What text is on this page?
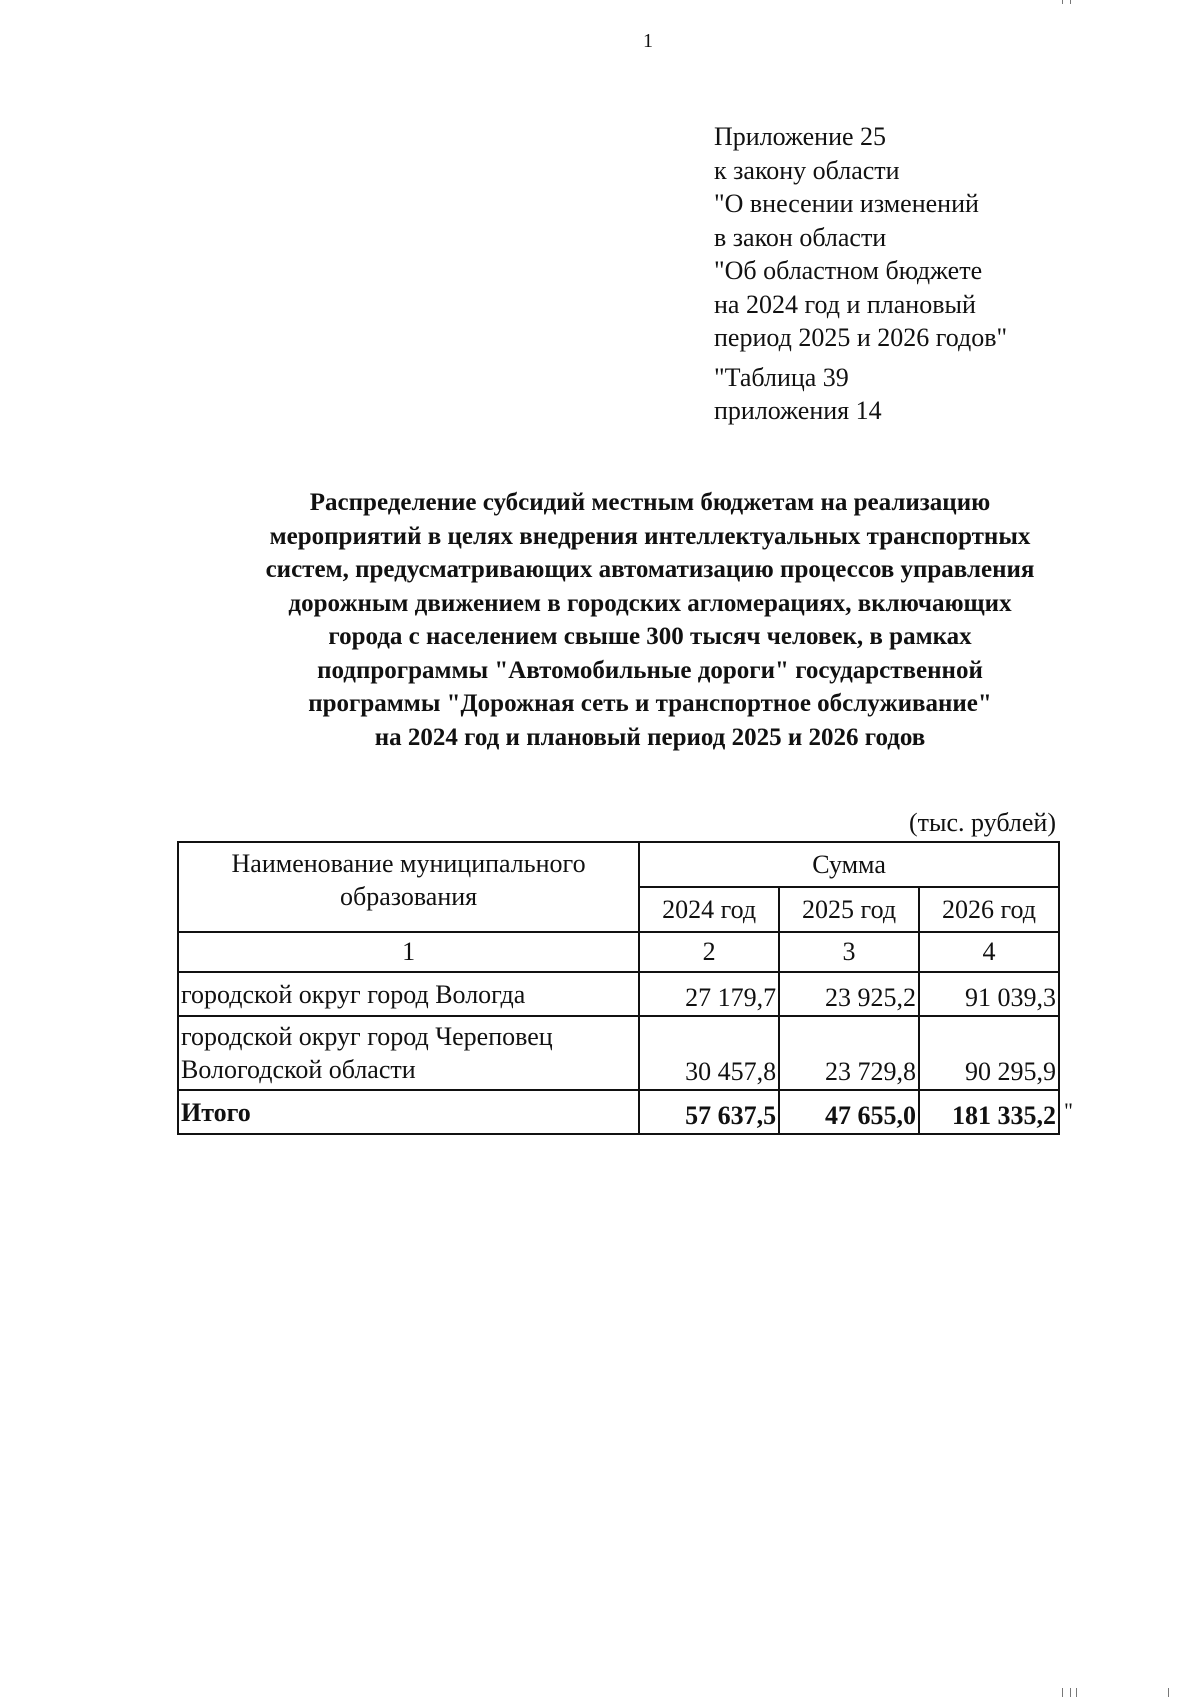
1
Приложение 25
к закону области
"О внесении изменений
в закон области
"Об областном бюджете
на 2024 год и плановый
период 2025 и 2026 годов"
"Таблица 39
приложения 14
Распределение субсидий местным бюджетам на реализацию
мероприятий в целях внедрения интеллектуальных транспортных
систем, предусматривающих автоматизацию процессов управления
дорожным движением в городских агломерациях, включающих
города с населением свыше 300 тысяч человек, в рамках
подпрограммы "Автомобильные дороги" государственной
программы "Дорожная сеть и транспортное обслуживание"
на 2024 год и плановый период 2025 и 2026 годов
(тыс. рублей)
Наименование муниципального образования	Сумма		
	2024 год	2025 год	2026 год
1	2	3	4
городской округ город Вологда	27 179,7	23 925,2	91 039,3
городской округ город Череповец Вологодской области	30 457,8	23 729,8	90 295,9
Итого	57 637,5	47 655,0	181 335,2 "
